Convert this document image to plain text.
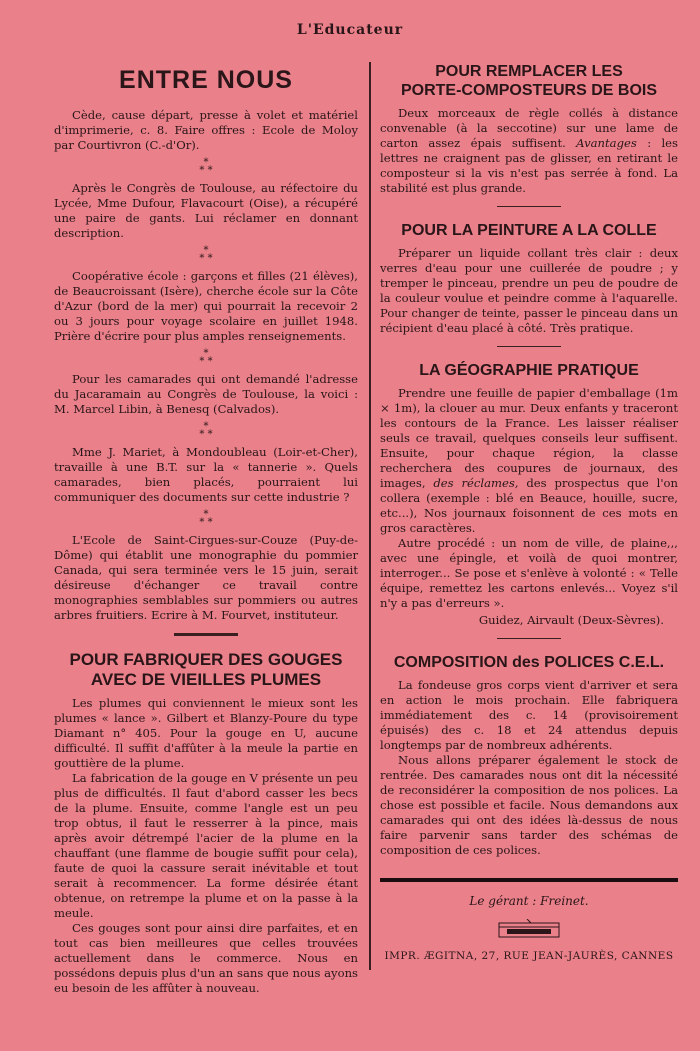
L'Educateur
ENTRE NOUS

Cède, cause départ, presse à volet et matériel d'imprimerie, c. 8. Faire offres : Ecole de Moloy par Courtivron (C.-d'Or).

*
* *

Après le Congrès de Toulouse, au réfectoire du Lycée, Mme Dufour, Flavacourt (Oise), a récupéré une paire de gants. Lui réclamer en donnant description.

*
* *

Coopérative école : garçons et filles (21 élèves), de Beaucroissant (Isère), cherche école sur la Côte d'Azur (bord de la mer) qui pourrait la recevoir 2 ou 3 jours pour voyage scolaire en juillet 1948. Prière d'écrire pour plus amples renseignements.

*
* *

Pour les camarades qui ont demandé l'adresse du Jacaramain au Congrès de Toulouse, la voici : M. Marcel Libin, à Benesq (Calvados).

*
* *

Mme J. Mariet, à Mondoubleau (Loir-et-Cher), travaille à une B.T. sur la « tannerie ». Quels camarades, bien placés, pourraient lui communiquer des documents sur cette industrie ?

*
* *

L'Ecole de Saint-Cirgues-sur-Couze (Puy-de-Dôme) qui établit une monographie du pommier Canada, qui sera terminée vers le 15 juin, serait désireuse d'échanger ce travail contre monographies semblables sur pommiers ou autres arbres fruitiers. Ecrire à M. Fourvet, instituteur.

POUR FABRIQUER DES GOUGES
AVEC DE VIEILLES PLUMES

Les plumes qui conviennent le mieux sont les plumes « lance ». Gilbert et Blanzy-Poure du type Diamant n° 405. Pour la gouge en U, aucune difficulté. Il suffit d'affûter à la meule la partie en gouttière de la plume.

La fabrication de la gouge en V présente un peu plus de difficultés. Il faut d'abord casser les becs de la plume. Ensuite, comme l'angle est un peu trop obtus, il faut le resserrer à la pince, mais après avoir détrempé l'acier de la plume en la chauffant (une flamme de bougie suffit pour cela), faute de quoi la cassure serait inévitable et tout serait à recommencer. La forme désirée étant obtenue, on retrempe la plume et on la passe à la meule.

Ces gouges sont pour ainsi dire parfaites, et en tout cas bien meilleures que celles trouvées actuellement dans le commerce. Nous en possédons depuis plus d'un an sans que nous ayons eu besoin de les affûter à nouveau.

POUR REMPLACER LES
PORTE-COMPOSTEURS DE BOIS

Deux morceaux de règle collés à distance convenable (à la seccotine) sur une lame de carton assez épais suffisent. Avantages : les lettres ne craignent pas de glisser, en retirant le composteur si la vis n'est pas serrée à fond. La stabilité est plus grande.

POUR LA PEINTURE A LA COLLE

Préparer un liquide collant très clair : deux verres d'eau pour une cuillerée de poudre ; y tremper le pinceau, prendre un peu de poudre de la couleur voulue et peindre comme à l'aquarelle. Pour changer de teinte, passer le pinceau dans un récipient d'eau placé à côté. Très pratique.

LA GÉOGRAPHIE PRATIQUE

Prendre une feuille de papier d'emballage (1m × 1m), la clouer au mur. Deux enfants y traceront les contours de la France. Les laisser réaliser seuls ce travail, quelques conseils leur suffisent. Ensuite, pour chaque région, la classe recherchera des coupures de journaux, des images, des réclames, des prospectus que l'on collera (exemple : blé en Beauce, houille, sucre, etc...), Nos journaux foisonnent de ces mots en gros caractères.

Autre procédé : un nom de ville, de plaine,,, avec une épingle, et voilà de quoi montrer, interroger... Se pose et s'enlève à volonté : « Telle équipe, remettez les cartons enlevés... Voyez s'il n'y a pas d'erreurs ».

Guidez, Airvault (Deux-Sèvres).

COMPOSITION des POLICES C.E.L.

La fondeuse gros corps vient d'arriver et sera en action le mois prochain. Elle fabriquera immédiatement des c. 14 (provisoirement épuisés) des c. 18 et 24 attendus depuis longtemps par de nombreux adhérents.

Nous allons préparer également le stock de rentrée. Des camarades nous ont dit la nécessité de reconsidérer la composition de nos polices. La chose est possible et facile. Nous demandons aux camarades qui ont des idées là-dessus de nous faire parvenir sans tarder des schémas de composition de ces polices.

Le gérant : Freinet.
IMPR. ÆGITNA, 27, RUE JEAN-JAURÈS, CANNES
